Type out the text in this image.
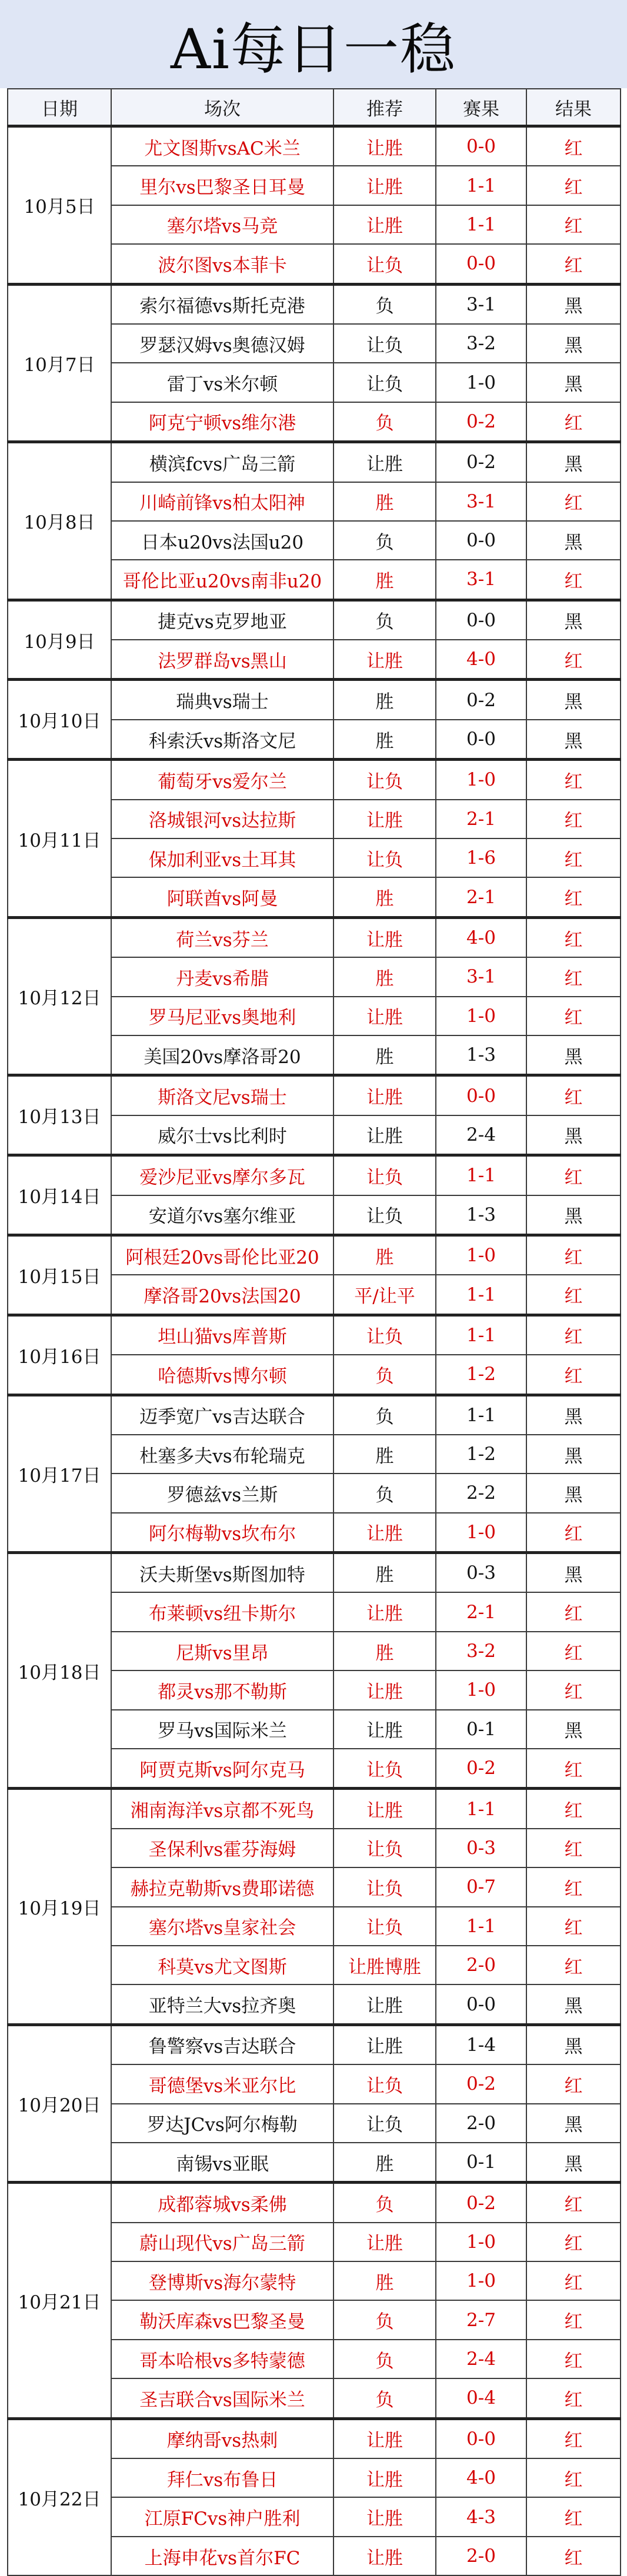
Ai每日一稳
日期	场次	推荐	赛果	结果
10月5日	尤文图斯vsAC米兰	让胜	0-0	红
	里尔vs巴黎圣日耳曼	让胜	1-1	红
	塞尔塔vs马竞	让胜	1-1	红
	波尔图vs本菲卡	让负	0-0	红
10月7日	索尔福德vs斯托克港	负	3-1	黑
	罗瑟汉姆vs奥德汉姆	让负	3-2	黑
	雷丁vs米尔顿	让负	1-0	黑
	阿克宁顿vs维尔港	负	0-2	红
10月8日	横滨fcvs广岛三箭	让胜	0-2	黑
	川崎前锋vs柏太阳神	胜	3-1	红
	日本u20vs法国u20	负	0-0	黑
	哥伦比亚u20vs南非u20	胜	3-1	红
10月9日	捷克vs克罗地亚	负	0-0	黑
	法罗群岛vs黑山	让胜	4-0	红
10月10日	瑞典vs瑞士	胜	0-2	黑
	科索沃vs斯洛文尼	胜	0-0	黑
10月11日	葡萄牙vs爱尔兰	让负	1-0	红
	洛城银河vs达拉斯	让胜	2-1	红
	保加利亚vs土耳其	让负	1-6	红
	阿联酋vs阿曼	胜	2-1	红
10月12日	荷兰vs芬兰	让胜	4-0	红
	丹麦vs希腊	胜	3-1	红
	罗马尼亚vs奥地利	让胜	1-0	红
	美国20vs摩洛哥20	胜	1-3	黑
10月13日	斯洛文尼vs瑞士	让胜	0-0	红
	威尔士vs比利时	让胜	2-4	黑
10月14日	爱沙尼亚vs摩尔多瓦	让负	1-1	红
	安道尔vs塞尔维亚	让负	1-3	黑
10月15日	阿根廷20vs哥伦比亚20	胜	1-0	红
	摩洛哥20vs法国20	平/让平	1-1	红
10月16日	坦山猫vs库普斯	让负	1-1	红
	哈德斯vs博尔顿	负	1-2	红
10月17日	迈季宽广vs吉达联合	负	1-1	黑
	杜塞多夫vs布轮瑞克	胜	1-2	黑
	罗德兹vs兰斯	负	2-2	黑
	阿尔梅勒vs坎布尔	让胜	1-0	红
10月18日	沃夫斯堡vs斯图加特	胜	0-3	黑
	布莱顿vs纽卡斯尔	让胜	2-1	红
	尼斯vs里昂	胜	3-2	红
	都灵vs那不勒斯	让胜	1-0	红
	罗马vs国际米兰	让胜	0-1	黑
	阿贾克斯vs阿尔克马	让负	0-2	红
10月19日	湘南海洋vs京都不死鸟	让胜	1-1	红
	圣保利vs霍芬海姆	让负	0-3	红
	赫拉克勒斯vs费耶诺德	让负	0-7	红
	塞尔塔vs皇家社会	让负	1-1	红
	科莫vs尤文图斯	让胜博胜	2-0	红
	亚特兰大vs拉齐奥	让胜	0-0	黑
10月20日	鲁警察vs吉达联合	让胜	1-4	黑
	哥德堡vs米亚尔比	让负	0-2	红
	罗达JCvs阿尔梅勒	让负	2-0	黑
	南锡vs亚眠	胜	0-1	黑
10月21日	成都蓉城vs柔佛	负	0-2	红
	蔚山现代vs广岛三箭	让胜	1-0	红
	登博斯vs海尔蒙特	胜	1-0	红
	勒沃库森vs巴黎圣曼	负	2-7	红
	哥本哈根vs多特蒙德	负	2-4	红
	圣吉联合vs国际米兰	负	0-4	红
10月22日	摩纳哥vs热刺	让胜	0-0	红
	拜仁vs布鲁日	让胜	4-0	红
	江原FCvs神户胜利	让胜	4-3	红
	上海申花vs首尔FC	让胜	2-0	红
